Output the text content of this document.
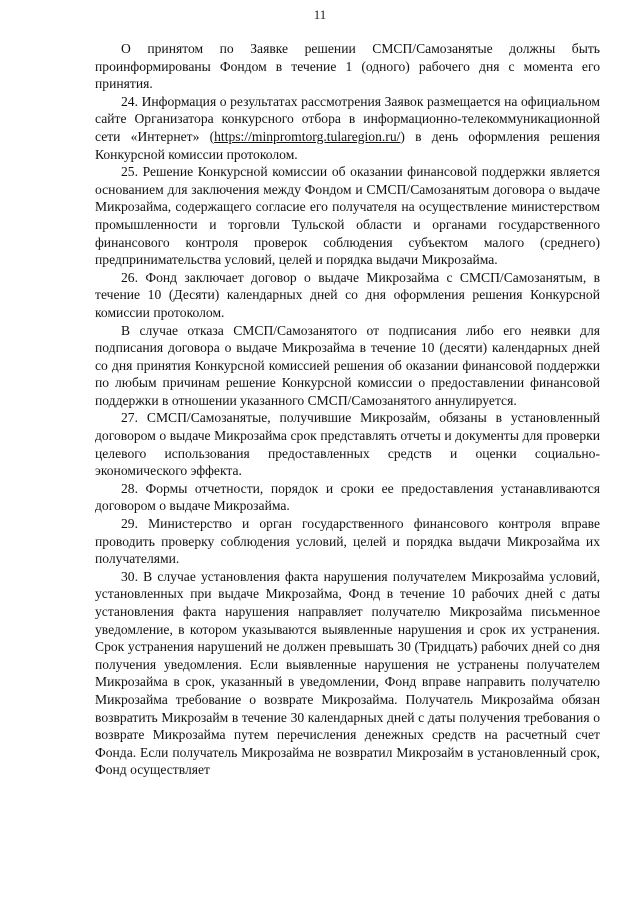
11

О принятом по Заявке решении СМСП/Самозанятые должны быть проинформированы Фондом в течение 1 (одного) рабочего дня с момента его принятия.

24. Информация о результатах рассмотрения Заявок размещается на официальном сайте Организатора конкурсного отбора в информационно-телекоммуникационной сети «Интернет» (https://minpromtorg.tularegion.ru/) в день оформления решения Конкурсной комиссии протоколом.

25. Решение Конкурсной комиссии об оказании финансовой поддержки является основанием для заключения между Фондом и СМСП/Самозанятым договора о выдаче Микрозайма, содержащего согласие его получателя на осуществление министерством промышленности и торговли Тульской области и органами государственного финансового контроля проверок соблюдения субъектом малого (среднего) предпринимательства условий, целей и порядка выдачи Микрозайма.

26. Фонд заключает договор о выдаче Микрозайма с СМСП/Самозанятым, в течение 10 (Десяти) календарных дней со дня оформления решения Конкурсной комиссии протоколом.

В случае отказа СМСП/Самозанятого от подписания либо его неявки для подписания договора о выдаче Микрозайма в течение 10 (десяти) календарных дней со дня принятия Конкурсной комиссией решения об оказании финансовой поддержки по любым причинам решение Конкурсной комиссии о предоставлении финансовой поддержки в отношении указанного СМСП/Самозанятого аннулируется.

27. СМСП/Самозанятые, получившие Микрозайм, обязаны в установленный договором о выдаче Микрозайма срок представлять отчеты и документы для проверки целевого использования предоставленных средств и оценки социально-экономического эффекта.

28. Формы отчетности, порядок и сроки ее предоставления устанавливаются договором о выдаче Микрозайма.

29. Министерство и орган государственного финансового контроля вправе проводить проверку соблюдения условий, целей и порядка выдачи Микрозайма их получателями.

30. В случае установления факта нарушения получателем Микрозайма условий, установленных при выдаче Микрозайма, Фонд в течение 10 рабочих дней с даты установления факта нарушения направляет получателю Микрозайма письменное уведомление, в котором указываются выявленные нарушения и срок их устранения. Срок устранения нарушений не должен превышать 30 (Тридцать) рабочих дней со дня получения уведомления. Если выявленные нарушения не устранены получателем Микрозайма в срок, указанный в уведомлении, Фонд вправе направить получателю Микрозайма требование о возврате Микрозайма. Получатель Микрозайма обязан возвратить Микрозайм в течение 30 календарных дней с даты получения требования о возврате Микрозайма путем перечисления денежных средств на расчетный счет Фонда. Если получатель Микрозайма не возвратил Микрозайм в установленный срок, Фонд осуществляет
